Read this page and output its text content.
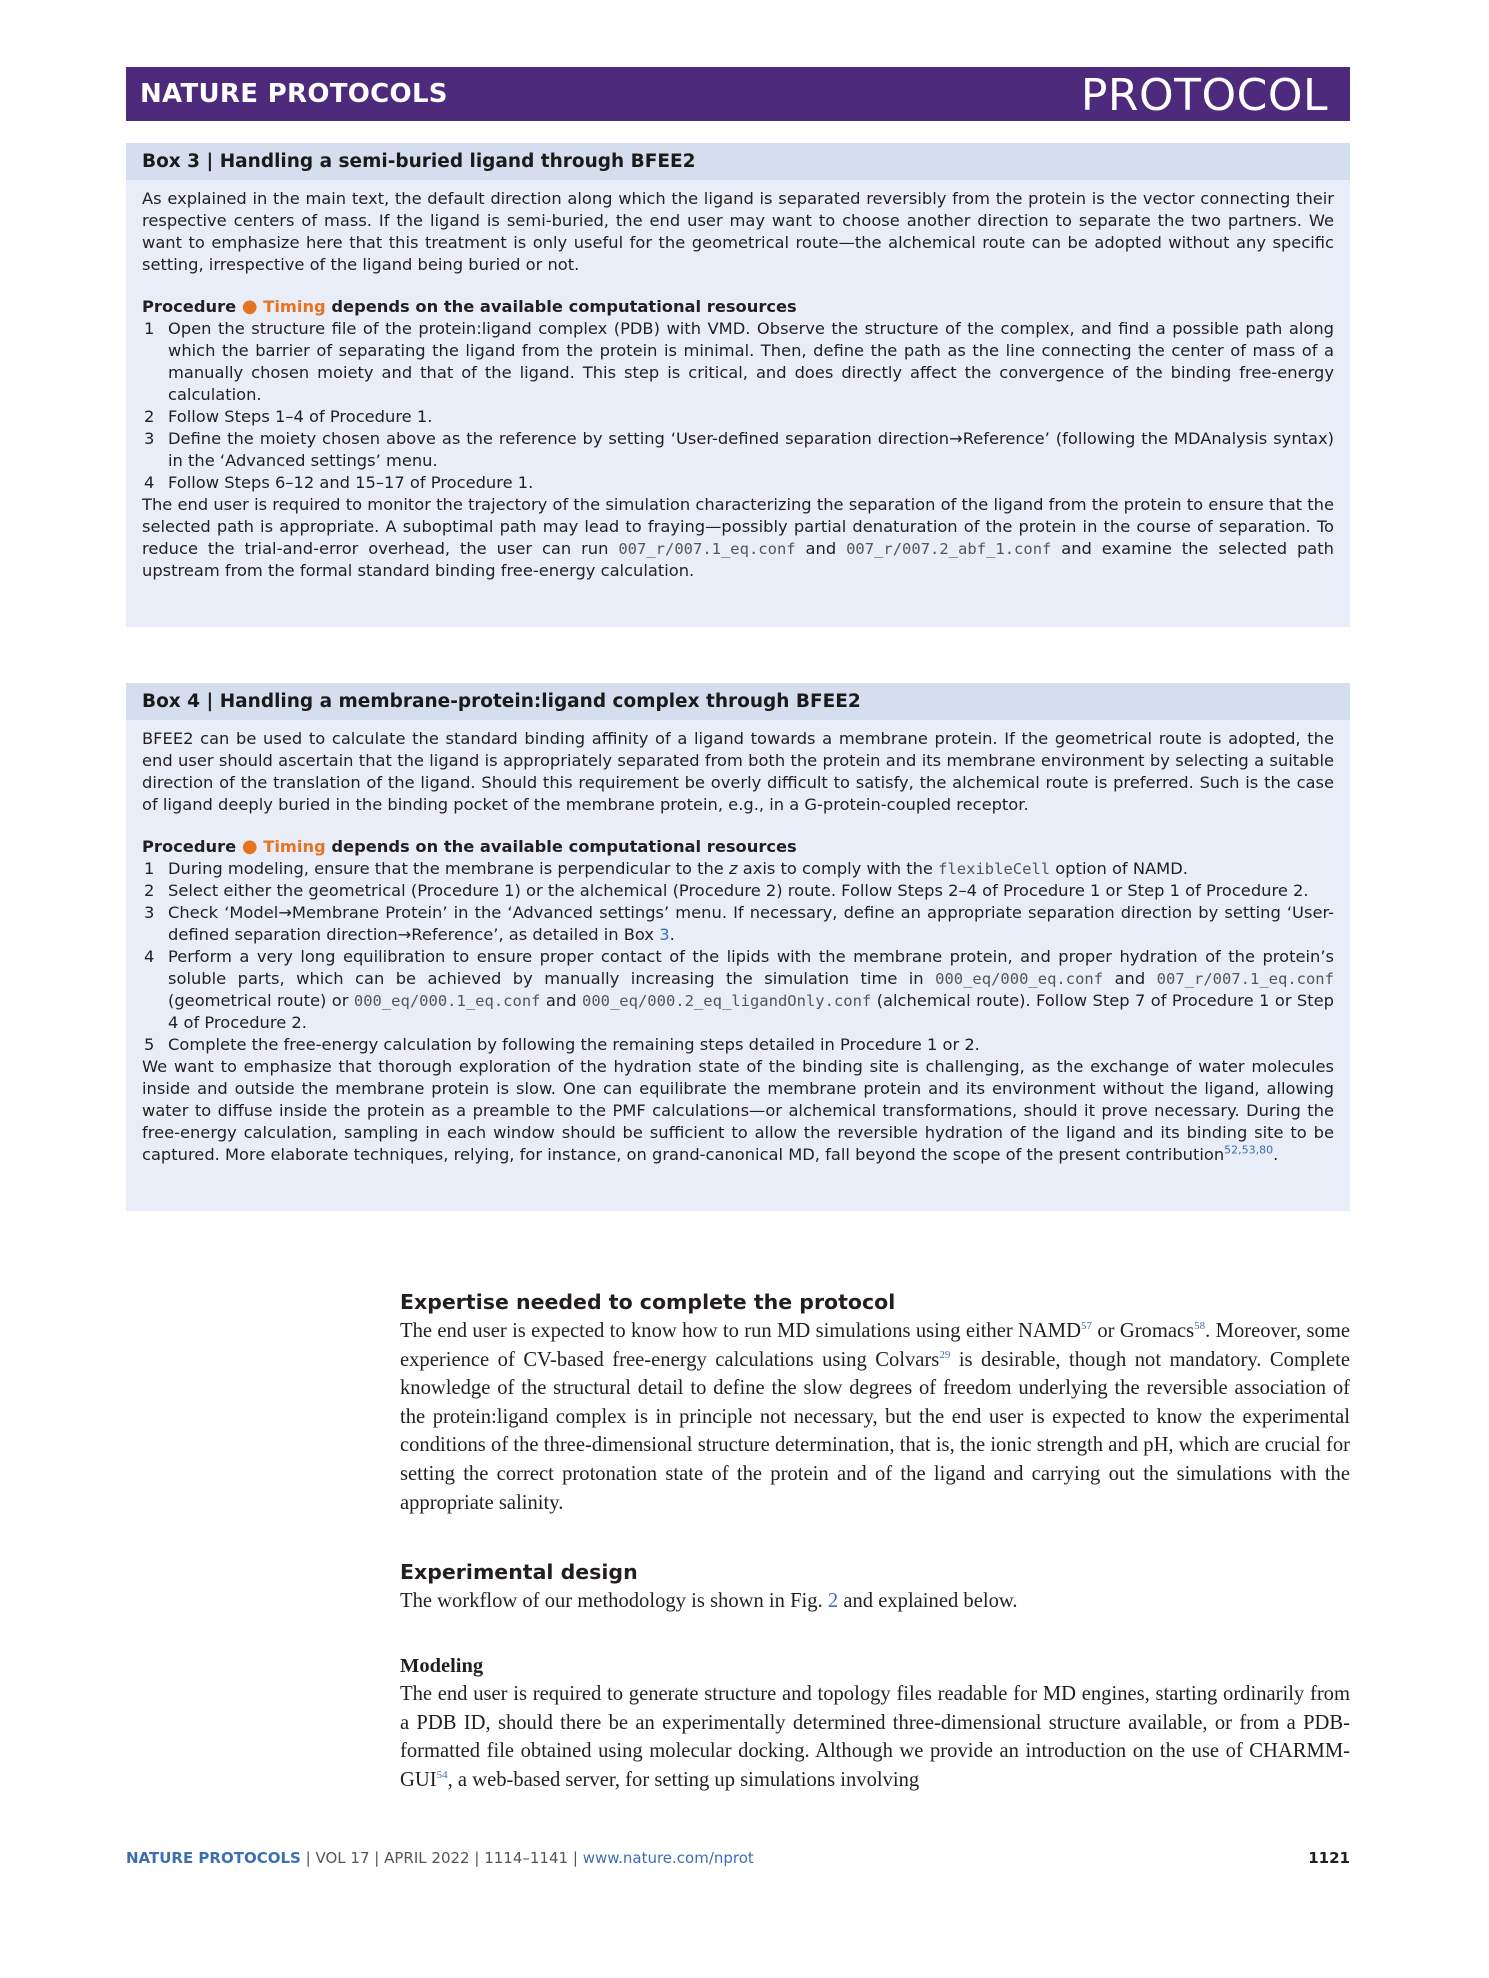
NATURE PROTOCOLS	PROTOCOL
Box 3 | Handling a semi-buried ligand through BFEE2

As explained in the main text, the default direction along which the ligand is separated reversibly from the protein is the vector connecting their respective centers of mass. If the ligand is semi-buried, the end user may want to choose another direction to separate the two partners. We want to emphasize here that this treatment is only useful for the geometrical route—the alchemical route can be adopted without any specific setting, irrespective of the ligand being buried or not.

Procedure ● Timing depends on the available computational resources
1 Open the structure file of the protein:ligand complex (PDB) with VMD. Observe the structure of the complex, and find a possible path along which the barrier of separating the ligand from the protein is minimal. Then, define the path as the line connecting the center of mass of a manually chosen moiety and that of the ligand. This step is critical, and does directly affect the convergence of the binding free-energy calculation.
2 Follow Steps 1–4 of Procedure 1.
3 Define the moiety chosen above as the reference by setting ‘User-defined separation direction→Reference’ (following the MDAnalysis syntax) in the ‘Advanced settings’ menu.
4 Follow Steps 6–12 and 15–17 of Procedure 1.

The end user is required to monitor the trajectory of the simulation characterizing the separation of the ligand from the protein to ensure that the selected path is appropriate. A suboptimal path may lead to fraying—possibly partial denaturation of the protein in the course of separation. To reduce the trial-and-error overhead, the user can run 007_r/007.1_eq.conf and 007_r/007.2_abf_1.conf and examine the selected path upstream from the formal standard binding free-energy calculation.

Box 4 | Handling a membrane-protein:ligand complex through BFEE2

BFEE2 can be used to calculate the standard binding affinity of a ligand towards a membrane protein. If the geometrical route is adopted, the end user should ascertain that the ligand is appropriately separated from both the protein and its membrane environment by selecting a suitable direction of the translation of the ligand. Should this requirement be overly difficult to satisfy, the alchemical route is preferred. Such is the case of ligand deeply buried in the binding pocket of the membrane protein, e.g., in a G-protein-coupled receptor.

Procedure ● Timing depends on the available computational resources
1 During modeling, ensure that the membrane is perpendicular to the z axis to comply with the flexibleCell option of NAMD.
2 Select either the geometrical (Procedure 1) or the alchemical (Procedure 2) route. Follow Steps 2–4 of Procedure 1 or Step 1 of Procedure 2.
3 Check ‘Model→Membrane Protein’ in the ‘Advanced settings’ menu. If necessary, define an appropriate separation direction by setting ‘User-defined separation direction→Reference’, as detailed in Box 3.
4 Perform a very long equilibration to ensure proper contact of the lipids with the membrane protein, and proper hydration of the protein’s soluble parts, which can be achieved by manually increasing the simulation time in 000_eq/000_eq.conf and 007_r/007.1_eq.conf (geometrical route) or 000_eq/000.1_eq.conf and 000_eq/000.2_eq_ligandOnly.conf (alchemical route). Follow Step 7 of Procedure 1 or Step 4 of Procedure 2.
5 Complete the free-energy calculation by following the remaining steps detailed in Procedure 1 or 2.

We want to emphasize that thorough exploration of the hydration state of the binding site is challenging, as the exchange of water molecules inside and outside the membrane protein is slow. One can equilibrate the membrane protein and its environment without the ligand, allowing water to diffuse inside the protein as a preamble to the PMF calculations—or alchemical transformations, should it prove necessary. During the free-energy calculation, sampling in each window should be sufficient to allow the reversible hydration of the ligand and its binding site to be captured. More elaborate techniques, relying, for instance, on grand-canonical MD, fall beyond the scope of the present contribution$^{52,53,80}$.

Expertise needed to complete the protocol

The end user is expected to know how to run MD simulations using either NAMD$^{57}$ or Gromacs$^{58}$. Moreover, some experience of CV-based free-energy calculations using Colvars$^{29}$ is desirable, though not mandatory. Complete knowledge of the structural detail to define the slow degrees of freedom underlying the reversible association of the protein:ligand complex is in principle not necessary, but the end user is expected to know the experimental conditions of the three-dimensional structure determination, that is, the ionic strength and pH, which are crucial for setting the correct protonation state of the protein and of the ligand and carrying out the simulations with the appropriate salinity.

Experimental design

The workflow of our methodology is shown in Fig. 2 and explained below.

Modeling

The end user is required to generate structure and topology files readable for MD engines, starting ordinarily from a PDB ID, should there be an experimentally determined three-dimensional structure available, or from a PDB-formatted file obtained using molecular docking. Although we provide an introduction on the use of CHARMM-GUI$^{54}$, a web-based server, for setting up simulations involving

NATURE PROTOCOLS | VOL 17 | APRIL 2022 | 1114–1141 | www.nature.com/nprot	1121
